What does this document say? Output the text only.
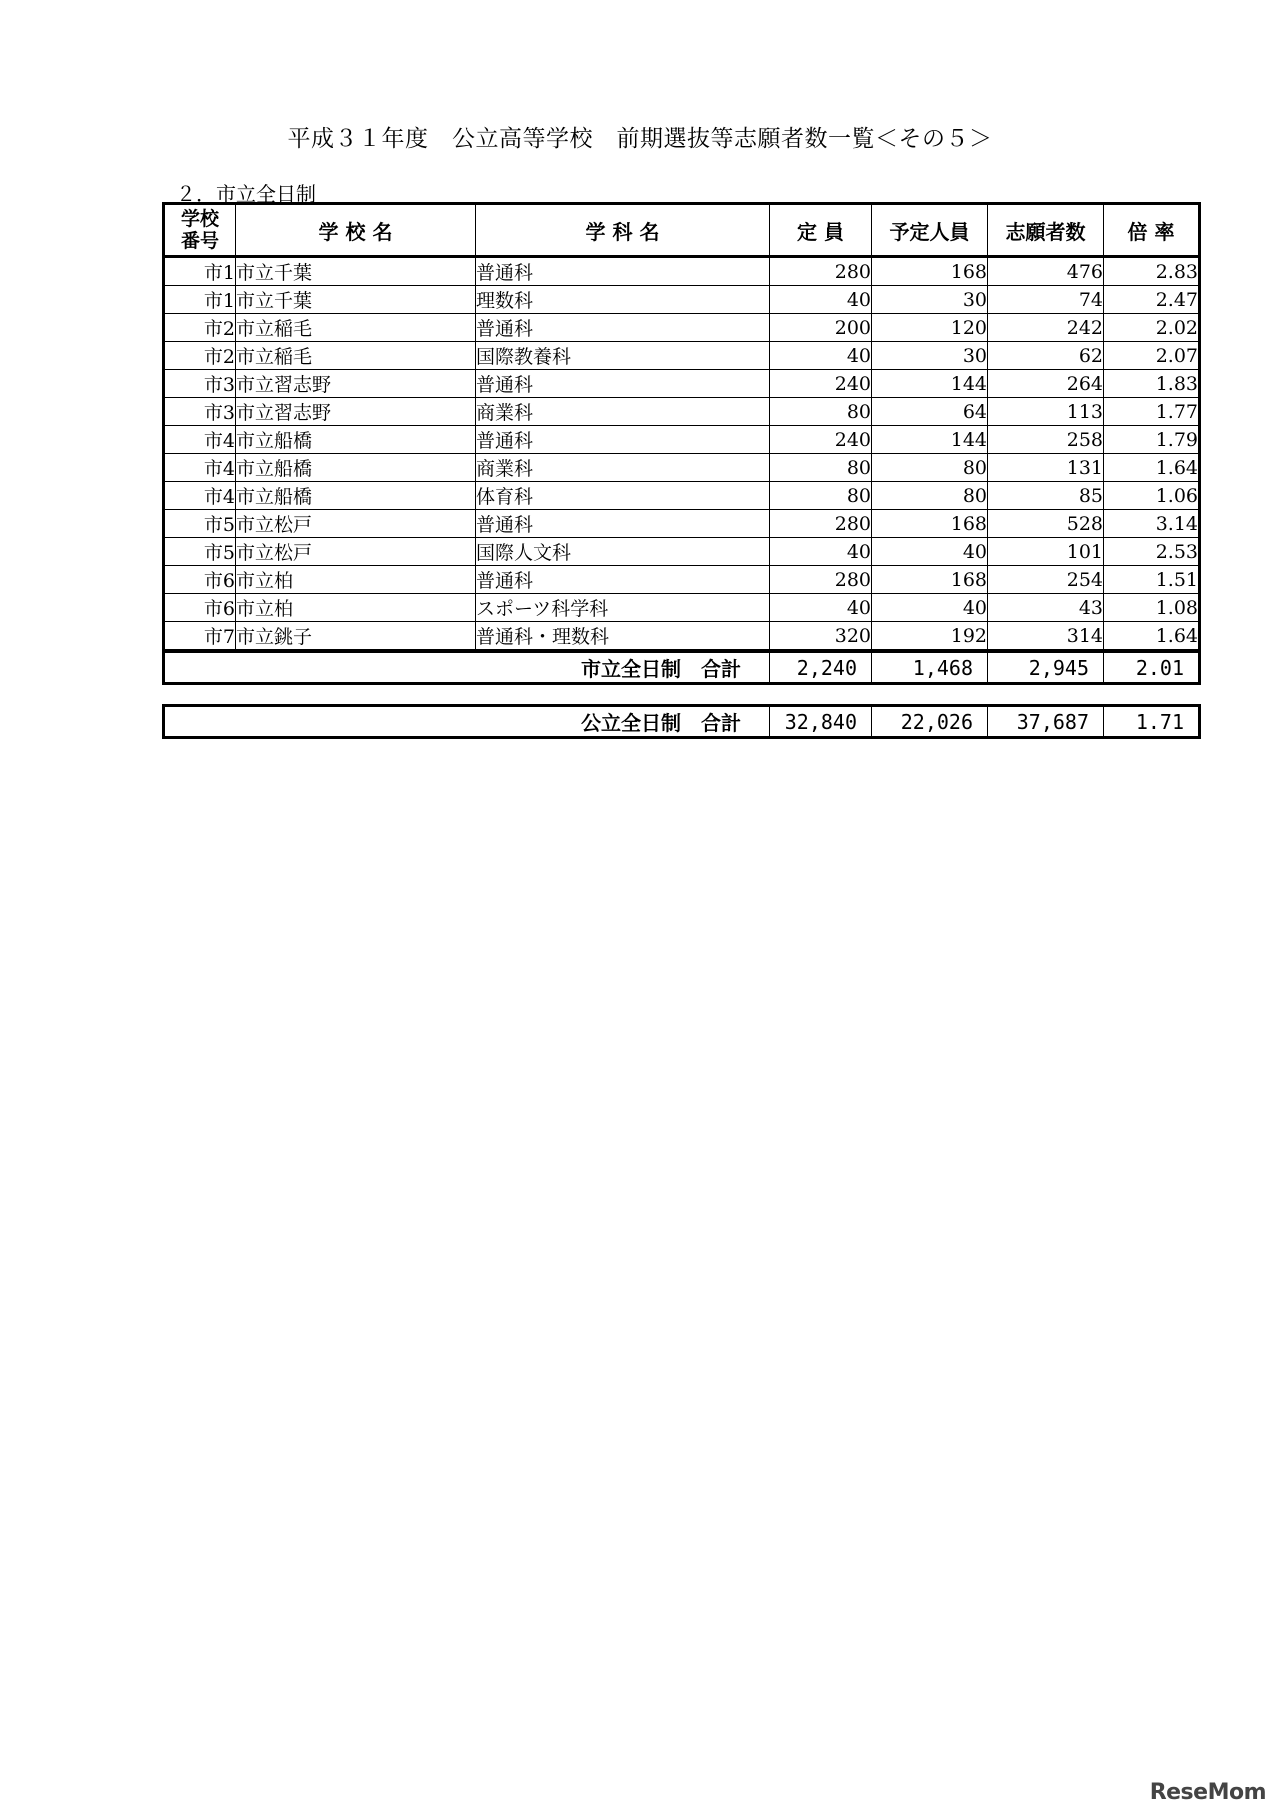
平成３１年度　公立高等学校　前期選抜等志願者数一覧＜その５＞
２．市立全日制
学校
番号	学 校 名	学 科 名	定 員	予定人員	志願者数	倍 率
市1	市立千葉	普通科	280	168	476	2.83
市1	市立千葉	理数科	40	30	74	2.47
市2	市立稲毛	普通科	200	120	242	2.02
市2	市立稲毛	国際教養科	40	30	62	2.07
市3	市立習志野	普通科	240	144	264	1.83
市3	市立習志野	商業科	80	64	113	1.77
市4	市立船橋	普通科	240	144	258	1.79
市4	市立船橋	商業科	80	80	131	1.64
市4	市立船橋	体育科	80	80	85	1.06
市5	市立松戸	普通科	280	168	528	3.14
市5	市立松戸	国際人文科	40	40	101	2.53
市6	市立柏	普通科	280	168	254	1.51
市6	市立柏	スポーツ科学科	40	40	43	1.08
市7	市立銚子	普通科・理数科	320	192	314	1.64
市立全日制　合計	2,240	1,468	2,945	2.01
公立全日制　合計	32,840	22,026	37,687	1.71
ReseMom
